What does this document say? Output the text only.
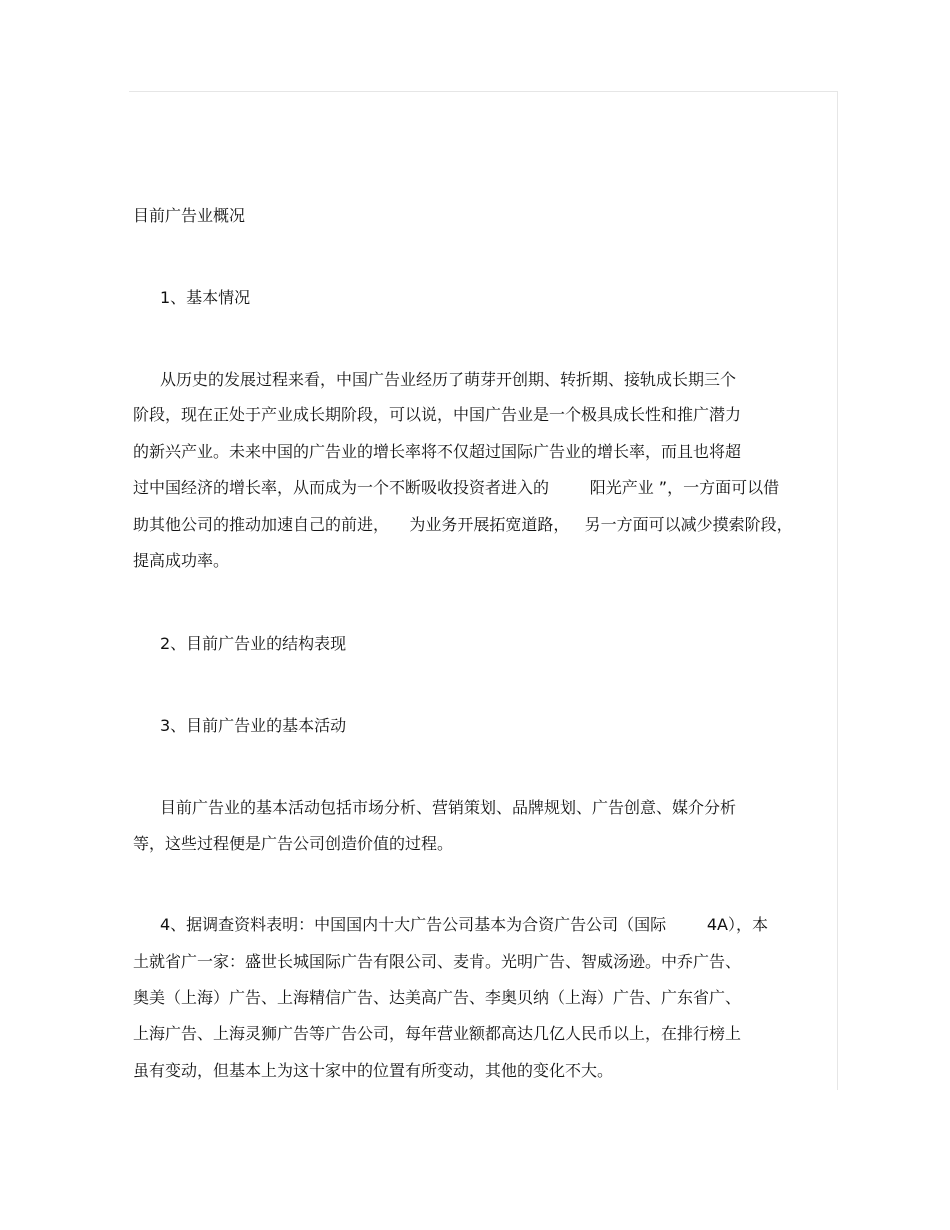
目前广告业概况
1、基本情况
从历史的发展过程来看，中国广告业经历了萌芽开创期、转折期、接轨成长期三个
阶段，现在正处于产业成长期阶段，可以说，中国广告业是一个极具成长性和推广潜力
的新兴产业。未来中国的广告业的增长率将不仅超过国际广告业的增长率，而且也将超
过中国经济的增长率，从而成为一个不断吸收投资者进入的        阳光产业 ”，一方面可以借
助其他公司的推动加速自己的前进，    为业务开展拓宽道路，   另一方面可以减少摸索阶段，
提高成功率。
2、目前广告业的结构表现
3、目前广告业的基本活动
目前广告业的基本活动包括市场分析、营销策划、品牌规划、广告创意、媒介分析
等，这些过程便是广告公司创造价值的过程。
4、据调查资料表明：中国国内十大广告公司基本为合资广告公司（国际        4A），本
土就省广一家：盛世长城国际广告有限公司、麦肯。光明广告、智威汤逊。中乔广告、
奥美（上海）广告、上海精信广告、达美高广告、李奥贝纳（上海）广告、广东省广、
上海广告、上海灵狮广告等广告公司，每年营业额都高达几亿人民币以上，在排行榜上
虽有变动，但基本上为这十家中的位置有所变动，其他的变化不大。
